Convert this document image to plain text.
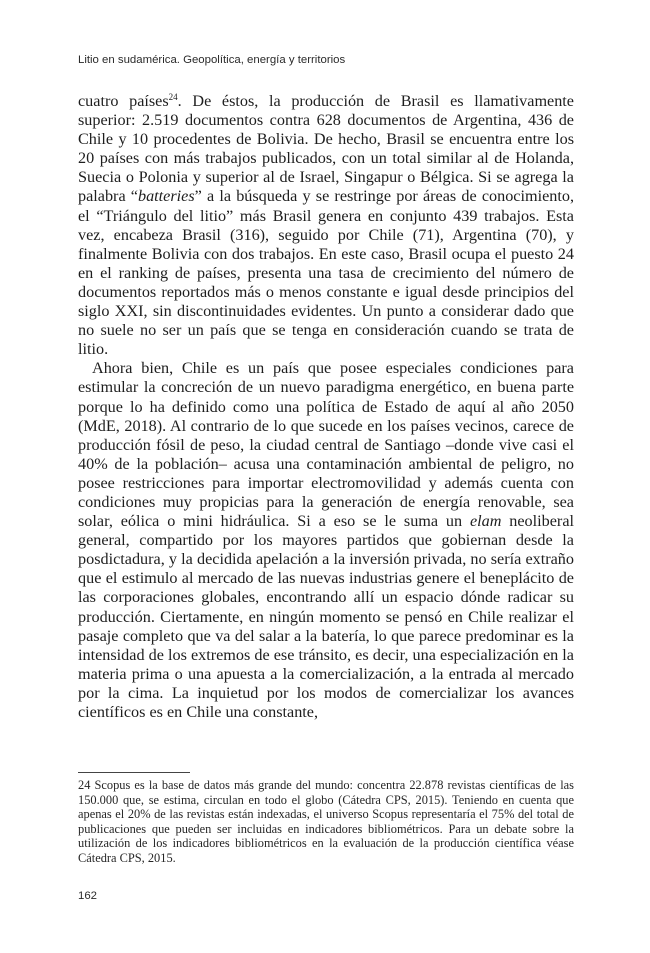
Litio en sudamérica. Geopolítica, energía y territorios

cuatro países$^{24}$. De éstos, la producción de Brasil es llamativamente superior: 2.519 documentos contra 628 documentos de Argentina, 436 de Chile y 10 procedentes de Bolivia. De hecho, Brasil se encuentra entre los 20 países con más trabajos publicados, con un total similar al de Holanda, Suecia o Polonia y superior al de Israel, Singapur o Bélgica. Si se agrega la palabra “batteries” a la búsqueda y se restringe por áreas de conocimiento, el “Triángulo del litio” más Brasil genera en conjunto 439 trabajos. Esta vez, encabeza Brasil (316), seguido por Chile (71), Argentina (70), y finalmente Bolivia con dos trabajos. En este caso, Brasil ocupa el puesto 24 en el ranking de países, presenta una tasa de crecimiento del número de documentos reportados más o menos constante e igual desde principios del siglo XXI, sin discontinuidades evidentes. Un punto a considerar dado que no suele no ser un país que se tenga en consideración cuando se trata de litio.

Ahora bien, Chile es un país que posee especiales condiciones para estimular la concreción de un nuevo paradigma energético, en buena parte porque lo ha definido como una política de Estado de aquí al año 2050 (MdE, 2018). Al contrario de lo que sucede en los países vecinos, carece de producción fósil de peso, la ciudad central de Santiago –donde vive casi el 40% de la población– acusa una contaminación ambiental de peligro, no posee restricciones para importar electromovilidad y además cuenta con condiciones muy propicias para la generación de energía renovable, sea solar, eólica o mini hidráulica. Si a eso se le suma un elam neoliberal general, compartido por los mayores partidos que gobiernan desde la posdictadura, y la decidida apelación a la inversión privada, no sería extraño que el estimulo al mercado de las nuevas industrias genere el beneplácito de las corporaciones globales, encontrando allí un espacio dónde radicar su producción. Ciertamente, en ningún momento se pensó en Chile realizar el pasaje completo que va del salar a la batería, lo que parece predominar es la intensidad de los extremos de ese tránsito, es decir, una especialización en la materia prima o una apuesta a la comercialización, a la entrada al mercado por la cima. La inquietud por los modos de comercializar los avances científicos es en Chile una constante,

24 Scopus es la base de datos más grande del mundo: concentra 22.878 revistas científicas de las 150.000 que, se estima, circulan en todo el globo (Cátedra CPS, 2015). Teniendo en cuenta que apenas el 20% de las revistas están indexadas, el universo Scopus representaría el 75% del total de publicaciones que pueden ser incluidas en indicadores bibliométricos. Para un debate sobre la utilización de los indicadores bibliométricos en la evaluación de la producción científica véase Cátedra CPS, 2015.

162
